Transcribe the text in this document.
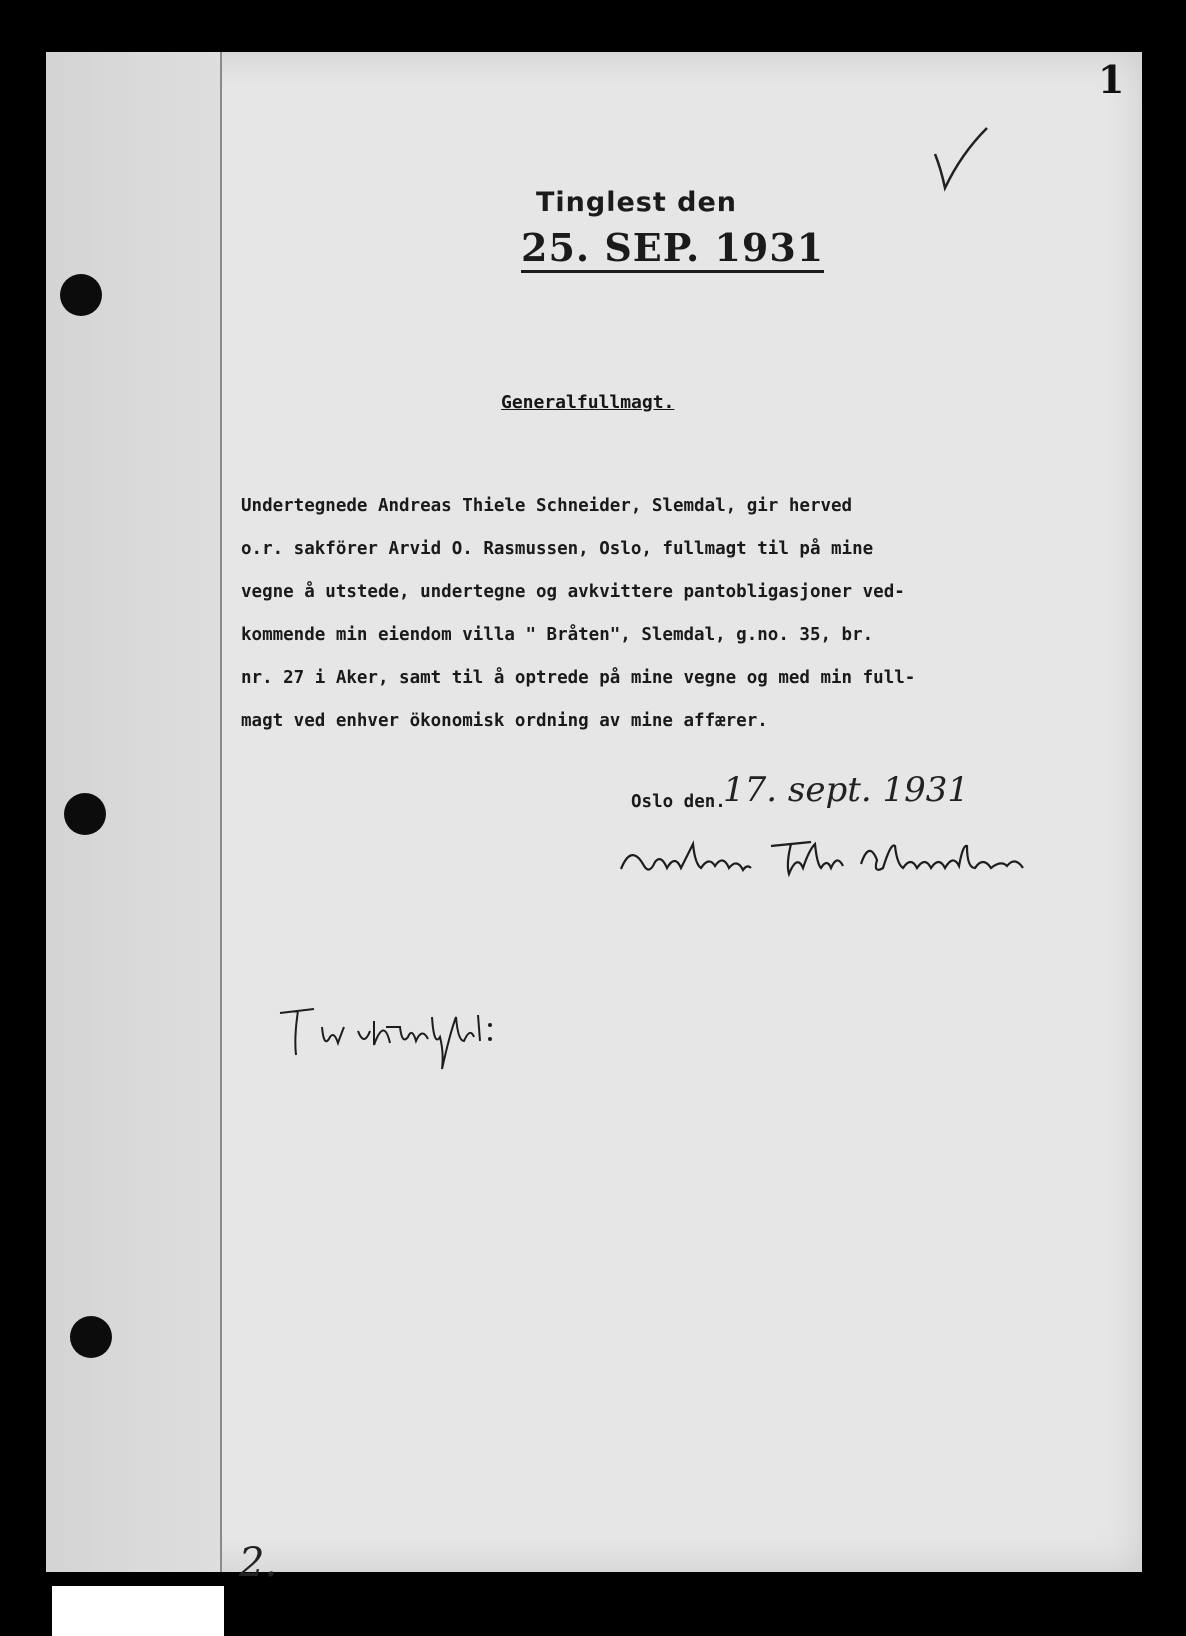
1
Tinglest den
25. SEP. 1931
Generalfullmagt.

Undertegnede Andreas Thiele Schneider, Slemdal, gir herved

o.r. sakförer Arvid O. Rasmussen, Oslo, fullmagt til på mine

vegne å utstede, undertegne og avkvittere pantobligasjoner ved-

kommende min eiendom villa " Bråten", Slemdal, g.no. 35, br.

nr. 27 i Aker, samt til å optrede på mine vegne og med min full-

magt ved enhver ökonomisk ordning av mine affærer.

Oslo den.
17. sept. 1931
2.
